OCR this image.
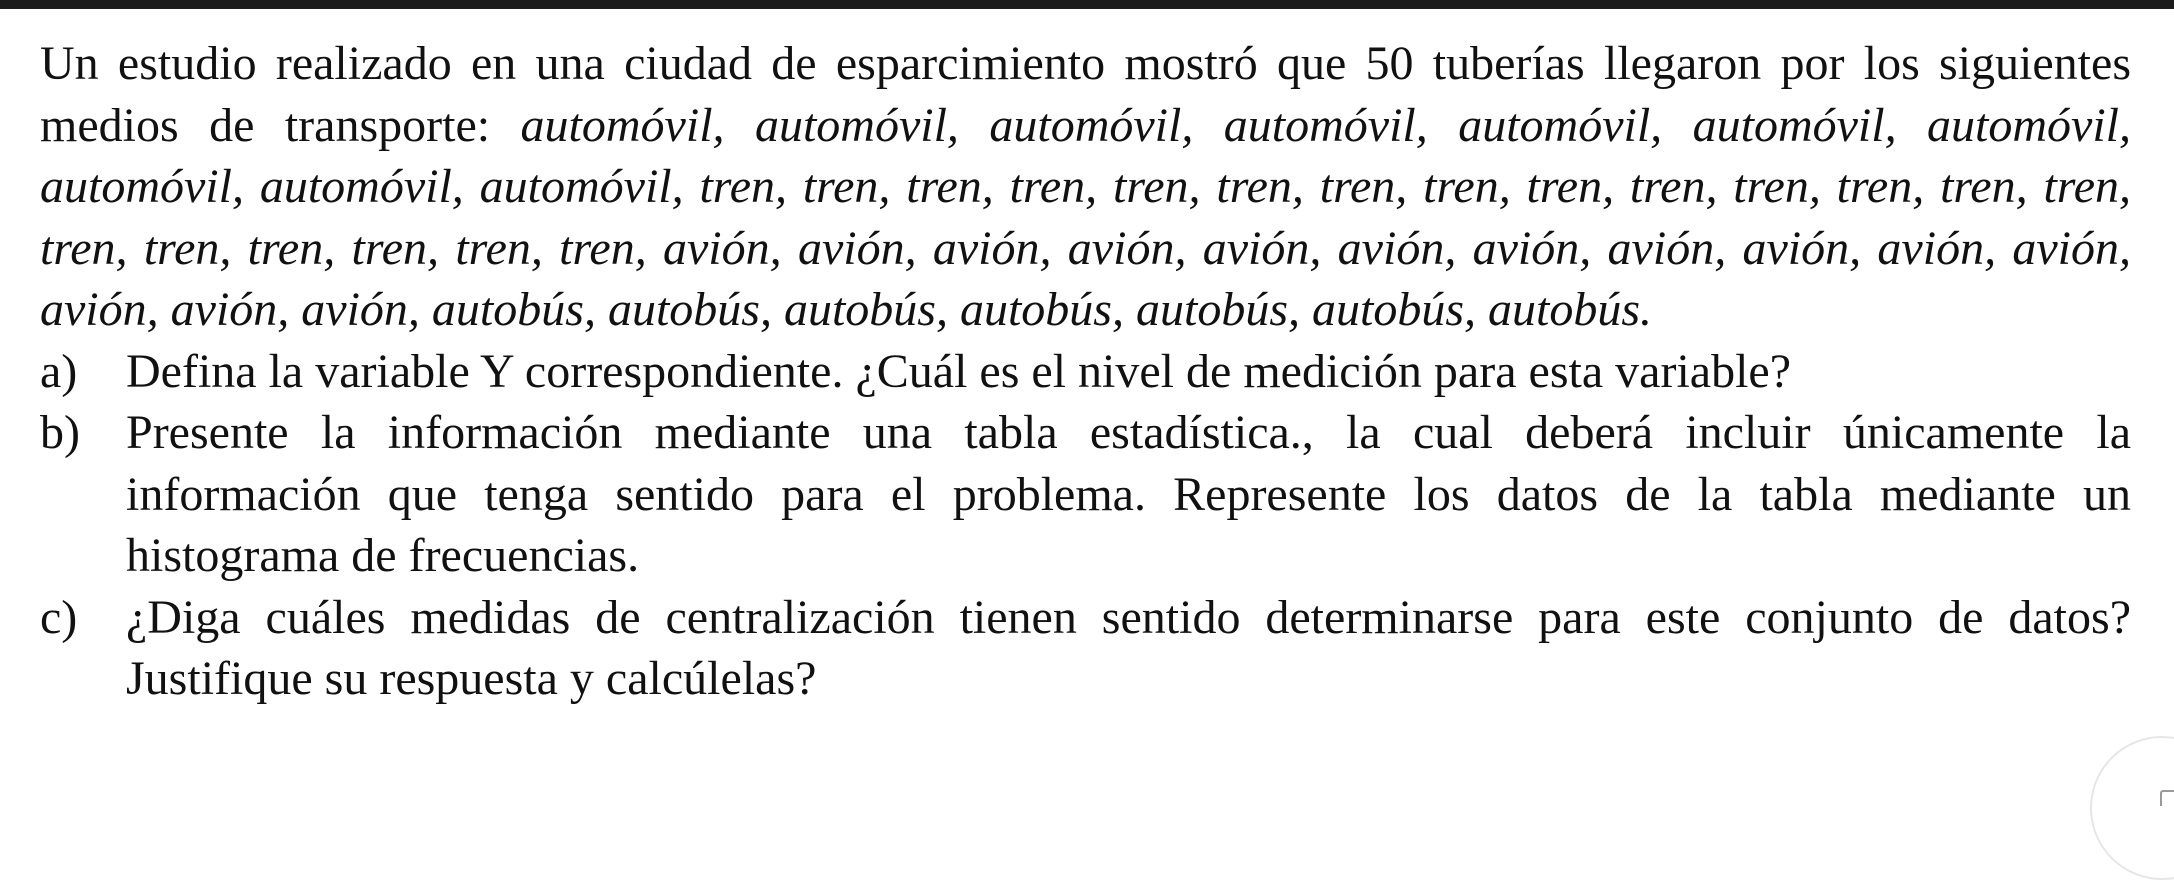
Un estudio realizado en una ciudad de esparcimiento mostró que 50 tuberías llegaron por los siguientes medios de transporte: automóvil, automóvil, automóvil, automóvil, automóvil, automóvil, automóvil, automóvil, automóvil, automóvil, tren, tren, tren, tren, tren, tren, tren, tren, tren, tren, tren, tren, tren, tren, tren, tren, tren, tren, tren, tren, avión, avión, avión, avión, avión, avión, avión, avión, avión, avión, avión, avión, avión, avión, autobús, autobús, autobús, autobús, autobús, autobús, autobús.

a) Defina la variable Y correspondiente. ¿Cuál es el nivel de medición para esta variable?
b) Presente la información mediante una tabla estadística., la cual deberá incluir únicamente la información que tenga sentido para el problema. Represente los datos de la tabla mediante un histograma de frecuencias.
c) ¿Diga cuáles medidas de centralización tienen sentido determinarse para este conjunto de datos? Justifique su respuesta y calcúlelas?
